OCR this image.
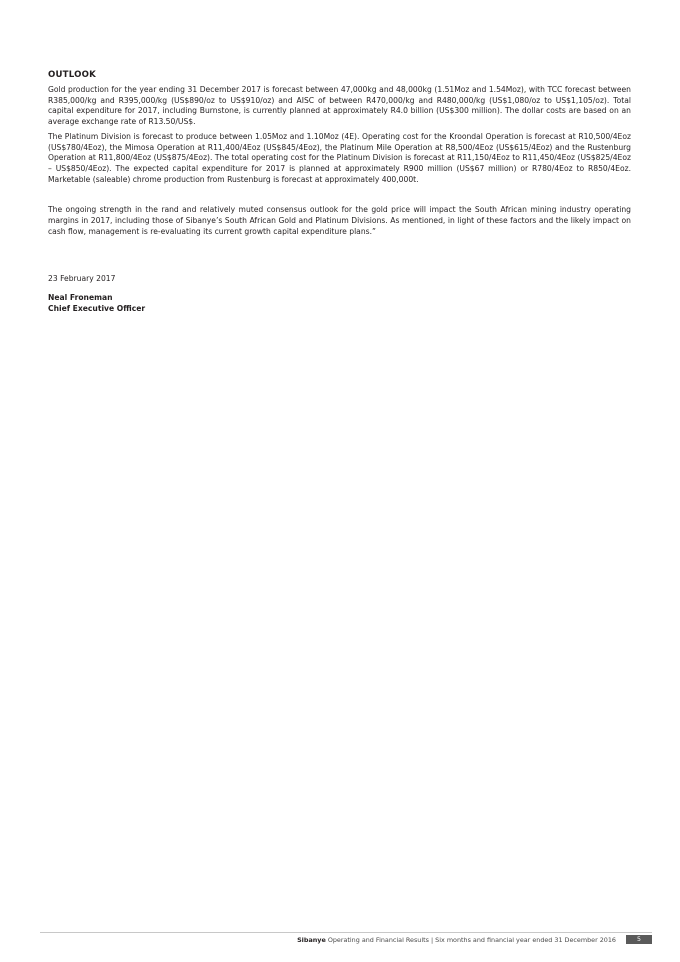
OUTLOOK

Gold production for the year ending 31 December 2017 is forecast between 47,000kg and 48,000kg (1.51Moz and 1.54Moz), with TCC forecast between R385,000/kg and R395,000/kg (US$890/oz to US$910/oz) and AISC of between R470,000/kg and R480,000/kg (US$1,080/oz to US$1,105/oz). Total capital expenditure for 2017, including Burnstone, is currently planned at approximately R4.0 billion (US$300 million). The dollar costs are based on an average exchange rate of R13.50/US$.

The Platinum Division is forecast to produce between 1.05Moz and 1.10Moz (4E). Operating cost for the Kroondal Operation is forecast at R10,500/4Eoz (US$780/4Eoz), the Mimosa Operation at R11,400/4Eoz (US$845/4Eoz), the Platinum Mile Operation at R8,500/4Eoz (US$615/4Eoz) and the Rustenburg Operation at R11,800/4Eoz (US$875/4Eoz). The total operating cost for the Platinum Division is forecast at R11,150/4Eoz to R11,450/4Eoz (US$825/4Eoz – US$850/4Eoz). The expected capital expenditure for 2017 is planned at approximately R900 million (US$67 million) or R780/4Eoz to R850/4Eoz. Marketable (saleable) chrome production from Rustenburg is forecast at approximately 400,000t.

The ongoing strength in the rand and relatively muted consensus outlook for the gold price will impact the South African mining industry operating margins in 2017, including those of Sibanye’s South African Gold and Platinum Divisions. As mentioned, in light of these factors and the likely impact on cash flow, management is re-evaluating its current growth capital expenditure plans.”

23 February 2017
Neal Froneman
Chief Executive Officer
Sibanye Operating and Financial Results | Six months and financial year ended 31 December 2016	5
